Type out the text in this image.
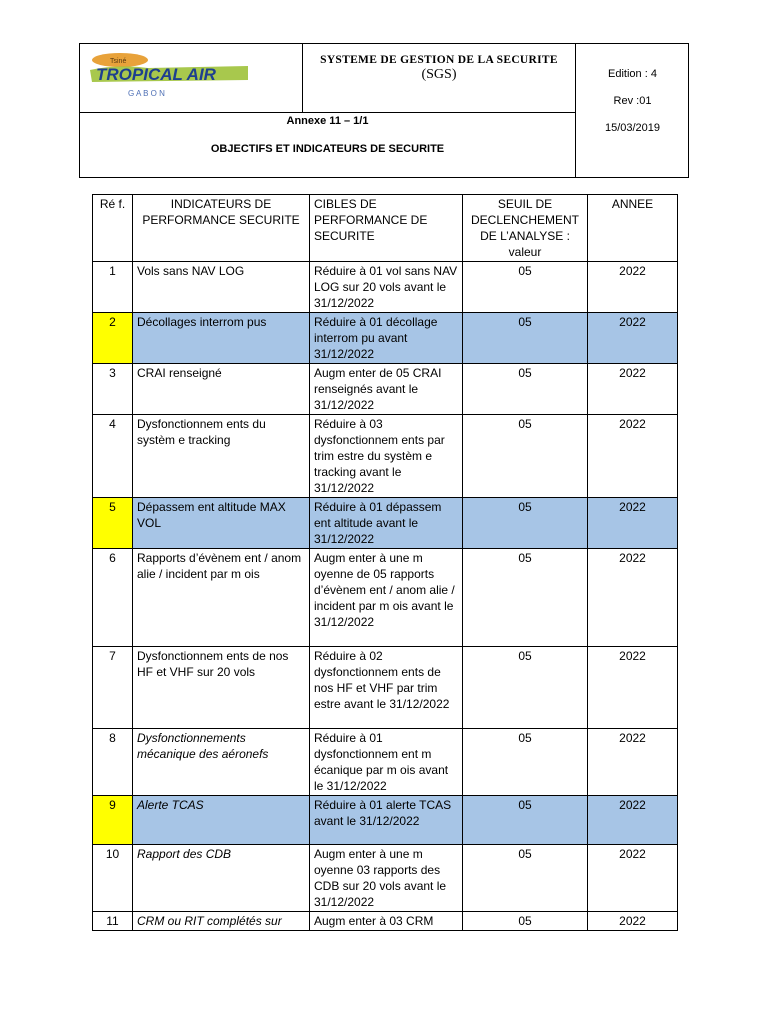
Tsiné
TROPICAL AIR
G A B O N
SYSTEME DE GESTION DE LA SECURITE
(SGS)	Edition : 4
Rev :01
15/03/2019
Annexe 11 – 1/1
OBJECTIFS ET INDICATEURS DE SECURITE
Ré f.	INDICATEURS DE PERFORMANCE SECURITE	CIBLES DE PERFORMANCE DE SECURITE	SEUIL DE DECLENCHEMENT DE L’ANALYSE : valeur	ANNEE
1	Vols sans NAV LOG	Réduire à 01 vol sans NAV LOG sur 20 vols avant le 31/12/2022	05	2022
2	Décollages interrom pus	Réduire à 01 décollage interrom pu avant 31/12/2022	05	2022
3	CRAI renseigné	Augm enter de 05 CRAI renseignés avant le 31/12/2022	05	2022
4	Dysfonctionnem ents du systèm e tracking	Réduire à 03 dysfonctionnem ents par trim estre du systèm e tracking avant le 31/12/2022	05	2022
5	Dépassem ent altitude MAX VOL	Réduire à 01 dépassem ent altitude avant le 31/12/2022	05	2022
6	Rapports d’évènem ent / anom alie / incident par m ois	Augm enter à une m oyenne de 05 rapports d’évènem ent / anom alie / incident par m ois avant le 31/12/2022	05	2022
7	Dysfonctionnem ents de nos HF et VHF sur 20 vols	Réduire à 02 dysfonctionnem ents de nos HF et VHF par trim estre avant le 31/12/2022	05	2022
8	Dysfonctionnements mécanique des aéronefs	Réduire à 01 dysfonctionnem ent m écanique par m ois avant le 31/12/2022	05	2022
9	Alerte TCAS	Réduire à 01 alerte TCAS avant le 31/12/2022	05	2022
10	Rapport des CDB	Augm enter à une m oyenne 03 rapports des CDB sur 20 vols avant le 31/12/2022	05	2022
11	CRM ou RIT complétés sur	Augm enter à 03 CRM	05	2022
